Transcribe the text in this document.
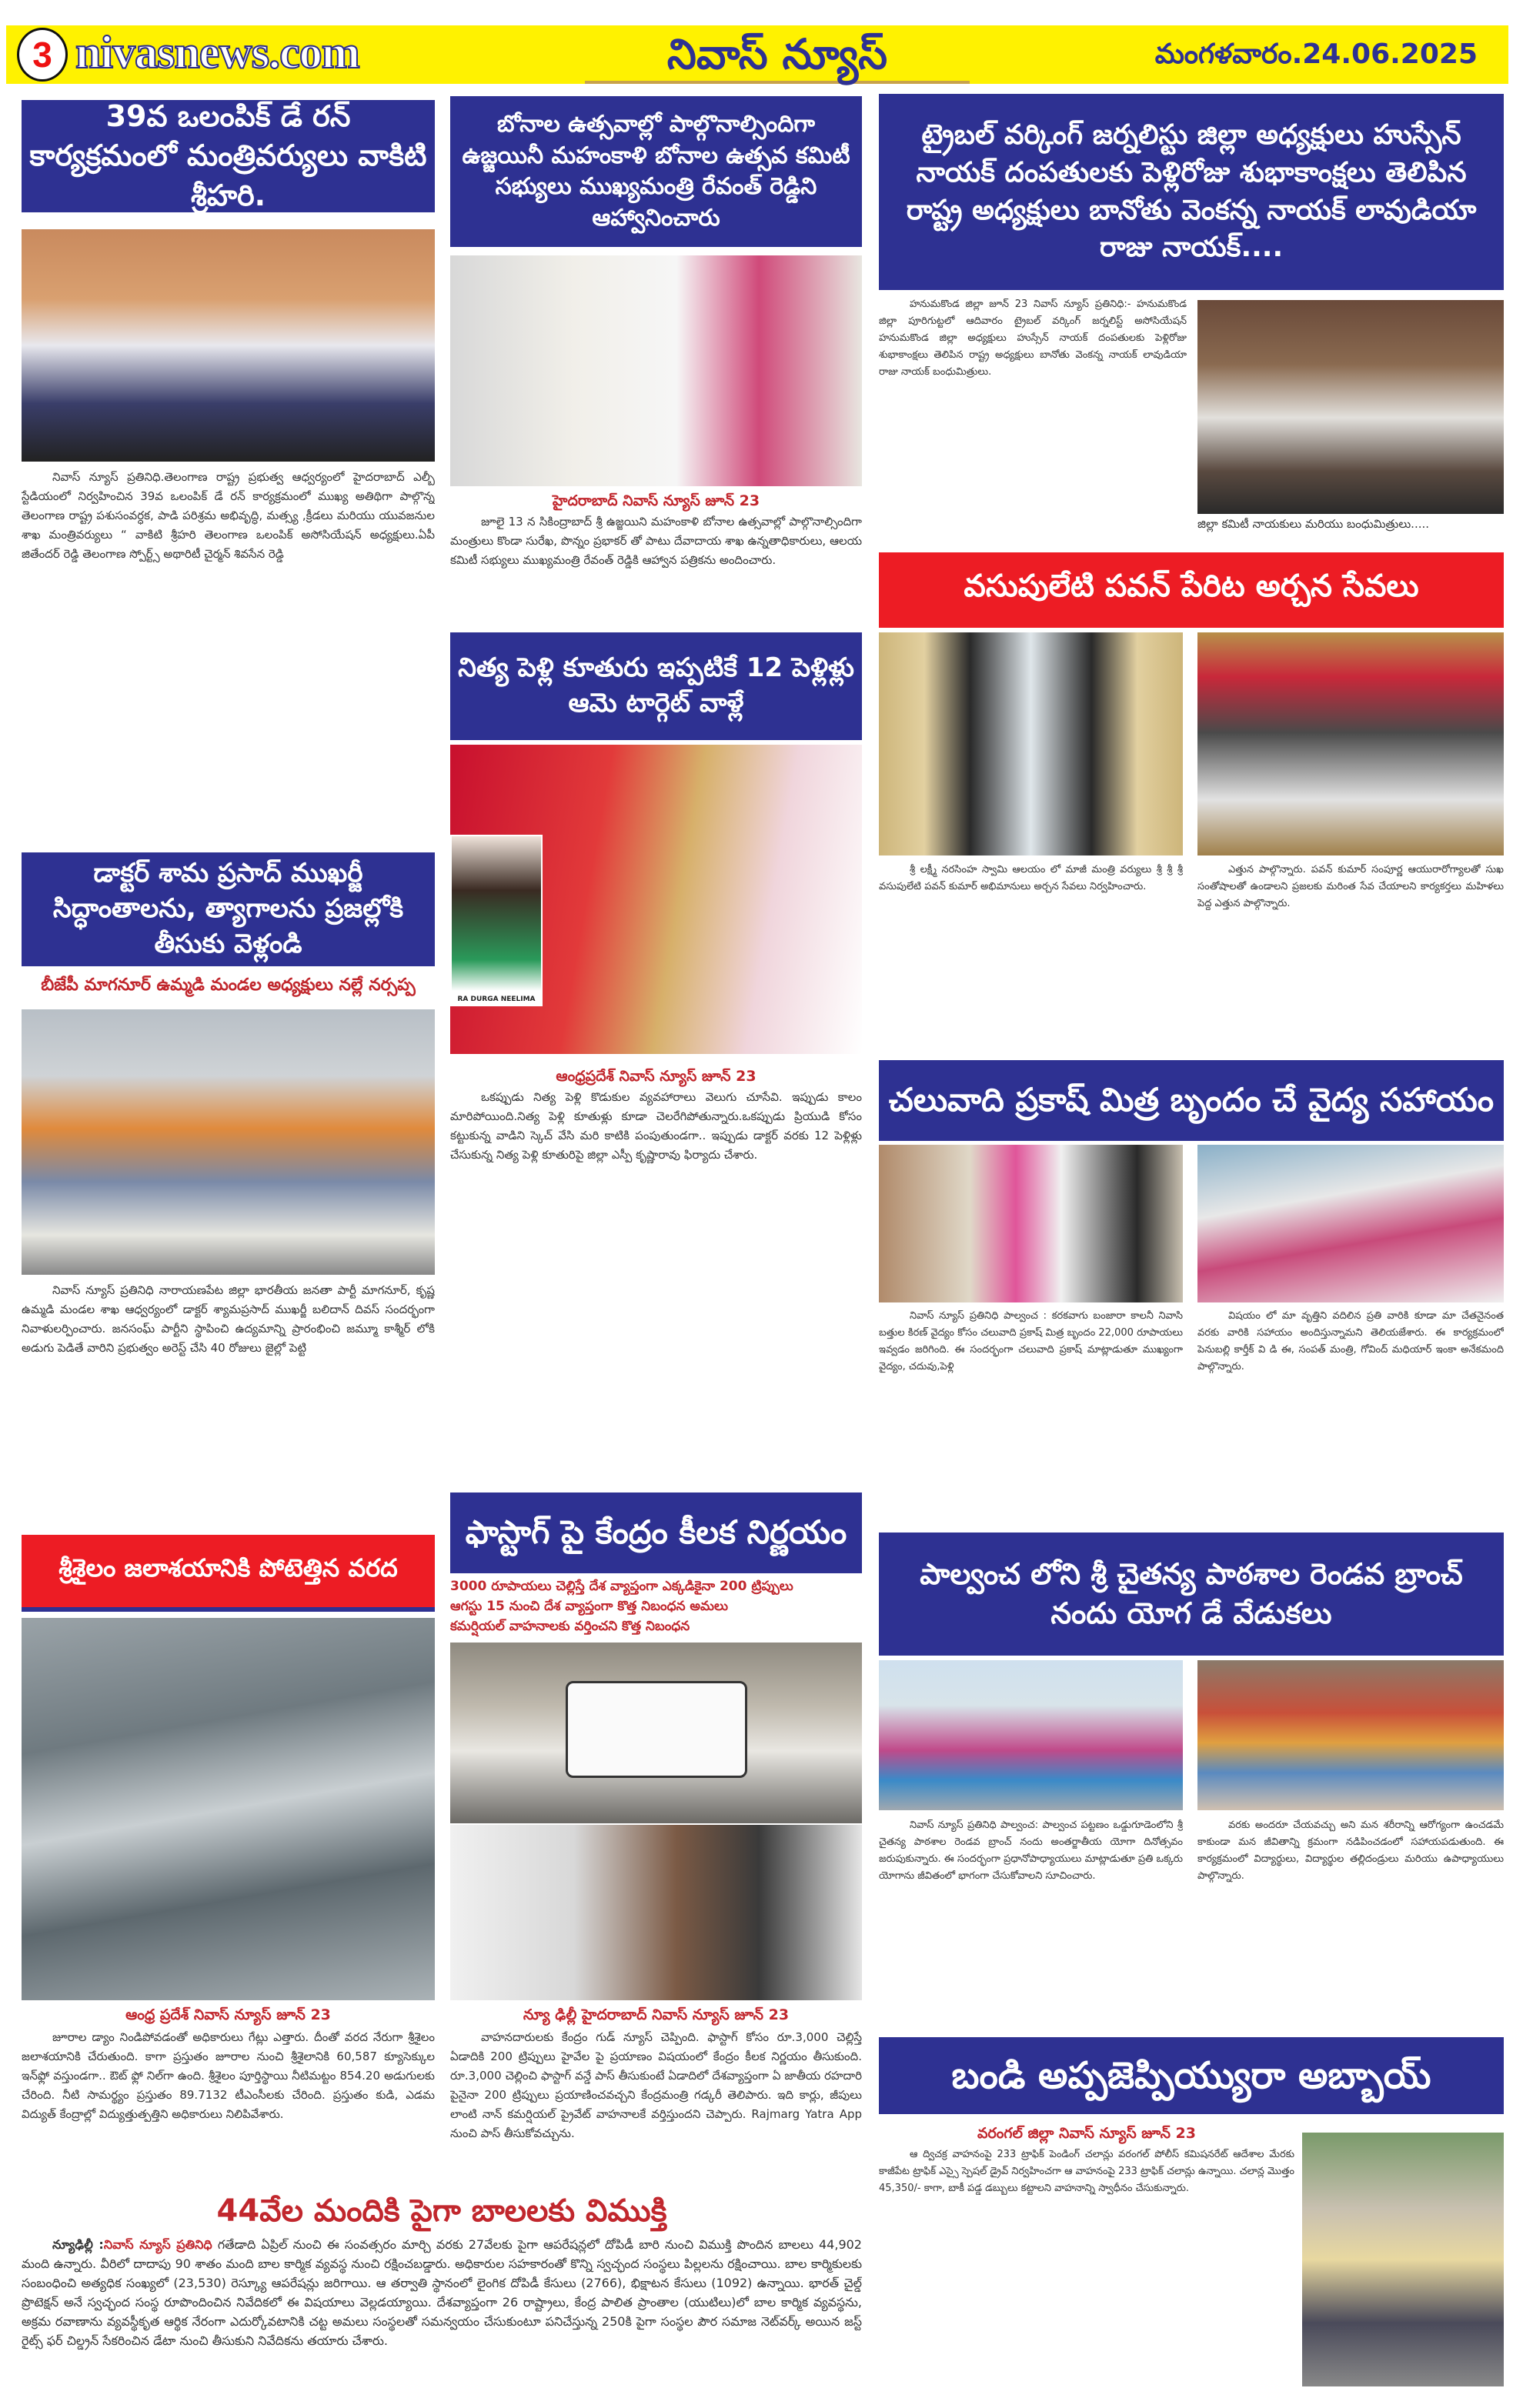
3 nivasnews.com	నివాస్ న్యూస్	మంగళవారం.24.06.2025
39వ ఒలంపిక్ డే రన్ కార్యక్రమంలో మంత్రివర్యులు వాకిటి శ్రీహరి.
నివాస్ న్యూస్ ప్రతినిధి.తెలంగాణ రాష్ట్ర ప్రభుత్వ ఆధ్వర్యంలో హైదరాబాద్ ఎల్బీ స్టేడియంలో నిర్వహించిన 39వ ఒలంపిక్ డే రన్ కార్యక్రమంలో ముఖ్య అతిథిగా పాల్గొన్న తెలంగాణ రాష్ట్ర పశుసంవర్ధక, పాడి పరిశ్రమ అభివృద్ధి, మత్స్య ,క్రీడలు మరియు యువజనుల శాఖ మంత్రివర్యులు “ వాకిటి శ్రీహరి తెలంగాణ ఒలంపిక్ అసోసియేషన్ అధ్యక్షులు.ఏపీ జితేందర్ రెడ్డి తెలంగాణ స్పోర్ట్స్ అథారిటీ చైర్మన్ శివసేన రెడ్డి
డాక్టర్ శామ ప్రసాద్ ముఖర్జీ సిద్ధాంతాలను, త్యాగాలను ప్రజల్లోకి తీసుకు వెళ్లండి
బీజేపీ మాగనూర్ ఉమ్మడి మండల అధ్యక్షులు నల్లే నర్సప్ప
నివాస్ న్యూస్ ప్రతినిధి నారాయణపేట జిల్లా భారతీయ జనతా పార్టీ మాగనూర్, కృష్ణ ఉమ్మడి మండల శాఖ ఆధ్వర్యంలో డాక్టర్ శ్యామప్రసాద్ ముఖర్జీ బలిదాన్ దివస్ సందర్భంగా నివాళులర్పించారు. జనసంఘ్ పార్టీని స్థాపించి ఉద్యమాన్ని ప్రారంభించి జమ్మూ కాశ్మీర్ లోకి అడుగు పెడితే వారిని ప్రభుత్వం అరెస్ట్ చేసి 40 రోజులు జైల్లో పెట్టి
శ్రీశైలం జలాశయానికి పోటెత్తిన వరద
ఆంధ్ర ప్రదేశ్ నివాస్ న్యూస్ జూన్ 23
జూరాల డ్యాం నిండిపోవడంతో అధికారులు గేట్లు ఎత్తారు. దీంతో వరద నేరుగా శ్రీశైలం జలాశయానికి చేరుతుంది. కాగా ప్రస్తుతం జూరాల నుంచి శ్రీశైలానికి 60,587 క్యూసెక్కుల ఇన్‌ఫ్లో వస్తుండగా.. ఔట్ ఫ్లో నిల్‌గా ఉంది. శ్రీశైలం పూర్తిస్థాయి నీటిమట్టం 854.20 అడుగులకు చేరింది. నీటి సామర్థ్యం ప్రస్తుతం 89.7132 టీఎంసీలకు చేరింది. ప్రస్తుతం కుడి, ఎడమ విద్యుత్ కేంద్రాల్లో విద్యుత్తుత్పత్తిని అధికారులు నిలిపివేశారు.
బోనాల ఉత్సవాల్లో పాల్గొనాల్సిందిగా ఉజ్జయినీ మహంకాళి బోనాల ఉత్సవ కమిటీ సభ్యులు ముఖ్యమంత్రి రేవంత్ రెడ్డిని ఆహ్వానించారు
హైదరాబాద్ నివాస్ న్యూస్ జూన్ 23
జూలై 13 న సికింద్రాబాద్ శ్రీ ఉజ్జయిని మహంకాళి బోనాల ఉత్సవాల్లో పాల్గొనాల్సిందిగా మంత్రులు కొండా సురేఖ, పొన్నం ప్రభాకర్ తో పాటు దేవాదాయ శాఖ ఉన్నతాధికారులు, ఆలయ కమిటీ సభ్యులు ముఖ్యమంత్రి రేవంత్ రెడ్డికి ఆహ్వాన పత్రికను అందించారు.
నిత్య పెళ్లి కూతురు ఇప్పటికే 12 పెళ్లిళ్లు ఆమె టార్గెట్ వాళ్లే
RA DURGA NEELIMA
ఆంధ్రప్రదేశ్ నివాస్ న్యూస్ జూన్ 23
ఒకప్పుడు నిత్య పెళ్లి కొడుకుల వ్యవహారాలు వెలుగు చూసేవి. ఇప్పుడు కాలం మారిపోయింది.నిత్య పెళ్లి కూతుళ్లు కూడా చెలరేగిపోతున్నారు.ఒకప్పుడు ప్రియుడి కోసం కట్టుకున్న వాడిని స్కెచ్ వేసి మరి కాటికి పంపుతుండగా.. ఇప్పుడు డాక్టర్ వరకు 12 పెళ్లిళ్లు చేసుకున్న నిత్య పెళ్లి కూతురిపై జిల్లా ఎస్పీ కృష్ణారావు ఫిర్యాదు చేశారు.
ఫాస్టాగ్ పై కేంద్రం కీలక నిర్ణయం
3000 రూపాయలు చెల్లిస్తే దేశ వ్యాప్తంగా ఎక్కడికైనా 200 ట్రిప్పులు
ఆగస్టు 15 నుంచి దేశ వ్యాప్తంగా కొత్త నిబంధన అమలు
కమర్షియల్ వాహనాలకు వర్తించని కొత్త నిబంధన
న్యూ ఢిల్లీ హైదరాబాద్ నివాస్ న్యూస్ జూన్ 23
వాహనదారులకు కేంద్రం గుడ్ న్యూస్ చెప్పింది. ఫాస్టాగ్ కోసం రూ.3,000 చెల్లిస్తే ఏడాదికి 200 ట్రిప్పులు హైవేల పై ప్రయాణం విషయంలో కేంద్రం కీలక నిర్ణయం తీసుకుంది. రూ.3,000 చెల్లించి ఫాస్టాగ్ వన్డే పాస్ తీసుకుంటే ఏడాదిలో దేశవ్యాప్తంగా ఏ జాతీయ రహదారి పైనైనా 200 ట్రిప్పులు ప్రయాణించవచ్చని కేంద్రమంత్రి గడ్కరీ తెలిపారు. ఇది కార్లు, జీపులు లాంటి నాన్ కమర్షియల్ ప్రైవేట్ వాహనాలకే వర్తిస్తుందని చెప్పారు. Rajmarg Yatra App నుంచి పాస్ తీసుకోవచ్చును.
ట్రైబల్ వర్కింగ్ జర్నలిస్టు జిల్లా అధ్యక్షులు హుస్సేన్ నాయక్ దంపతులకు పెళ్లిరోజు శుభాకాంక్షలు తెలిపిన రాష్ట్ర అధ్యక్షులు బానోతు వెంకన్న నాయక్ లావుడియా రాజు నాయక్....
హనుమకొండ జిల్లా జూన్ 23 నివాస్ న్యూస్ ప్రతినిధి:- హనుమకొండ జిల్లా పూరిగుట్టలో ఆదివారం ట్రైబల్ వర్కింగ్ జర్నలిస్ట్ అసోసియేషన్ హనుమకొండ జిల్లా అధ్యక్షులు హుస్సేన్ నాయక్ దంపతులకు పెళ్లిరోజు శుభాకాంక్షలు తెలిపిన రాష్ట్ర అధ్యక్షులు బానోతు వెంకన్న నాయక్ లావుడియా రాజు నాయక్ బంధుమిత్రులు.
జిల్లా కమిటీ నాయకులు మరియు బంధుమిత్రులు.....
వసుపులేటి పవన్ పేరిట అర్చన సేవలు
శ్రీ లక్ష్మీ నరసింహ స్వామి ఆలయం లో మాజీ మంత్రి వర్యులు శ్రీ శ్రీ శ్రీ వసుపులేటి పవన్ కుమార్ అభిమానులు అర్చన సేవలు నిర్వహించారు.
ఎత్తున పాల్గొన్నారు. పవన్ కుమార్ సంపూర్ణ ఆయురారోగ్యాలతో సుఖ సంతోషాలతో ఉండాలని ప్రజలకు మరింత సేవ చేయాలని కార్యకర్తలు మహిళలు పెద్ద ఎత్తున పాల్గొన్నారు.
చలువాది ప్రకాష్ మిత్ర బృందం చే వైద్య సహాయం
నివాస్ న్యూస్ ప్రతినిధి పాల్వంచ : కరకవాగు బంజారా కాలనీ నివాసి బత్తుల కిరణ్ వైద్యం కోసం చలువాది ప్రకాష్ మిత్ర బృందం 22,000 రూపాయలు ఇవ్వడం జరిగింది. ఈ సందర్భంగా చలువాది ప్రకాష్ మాట్లాడుతూ ముఖ్యంగా వైద్యం, చదువు,పెళ్లి
విషయం లో మా వృత్తిని వదిలిన ప్రతి వారికి కూడా మా చేతనైనంత వరకు వారికి సహాయం అందిస్తున్నామని తెలియజేశారు. ఈ కార్యక్రమంలో పెనుబల్లి కార్తీక్ వి డి ఈ, సంపత్ మంత్రి, గోవింద్ మధియార్ ఇంకా అనేకమంది పాల్గొన్నారు.
పాల్వంచ లోని శ్రీ చైతన్య పాఠశాల రెండవ బ్రాంచ్ నందు యోగ డే వేడుకలు
నివాస్ న్యూస్ ప్రతినిధి పాల్వంచ: పాల్వంచ పట్టణం ఒడ్డుగూడెంలోని శ్రీ చైతన్య పాఠశాల రెండవ బ్రాంచ్ నందు అంతర్జాతీయ యోగా దినోత్సవం జరుపుకున్నారు. ఈ సందర్భంగా ప్రధానోపాధ్యాయులు మాట్లాడుతూ ప్రతి ఒక్కరు యోగాను జీవితంలో భాగంగా చేసుకోవాలని సూచించారు.
వరకు అందరూ చేయవచ్చు అని మన శరీరాన్ని ఆరోగ్యంగా ఉంచడమే కాకుండా మన జీవితాన్ని క్రమంగా నడిపించడంలో సహాయపడుతుంది. ఈ కార్యక్రమంలో విద్యార్థులు, విద్యార్థుల తల్లిదండ్రులు మరియు ఉపాధ్యాయులు పాల్గొన్నారు.
బండి అప్పజెప్పియ్యురా అబ్బాయ్
వరంగల్ జిల్లా నివాస్ న్యూస్ జూన్ 23
ఆ ద్విచక్ర వాహనంపై 233 ట్రాఫిక్ పెండింగ్ చలాన్లు వరంగల్ పోలీస్ కమిషనరేట్ ఆదేశాల మేరకు కాజీపేట ట్రాఫిక్ ఎస్సై స్పెషల్ డ్రైవ్ నిర్వహించగా ఆ వాహనంపై 233 ట్రాఫిక్ చలాన్లు ఉన్నాయి. చలాన్ల మొత్తం 45,350/- కాగా, బాకీ పడ్డ డబ్బులు కట్టాలని వాహనాన్ని స్వాధీనం చేసుకున్నారు.
44వేల మందికి పైగా బాలలకు విముక్తి
న్యూఢిల్లీ :నివాస్ న్యూస్ ప్రతినిధి గతేడాది ఏప్రిల్ నుంచి ఈ సంవత్సరం మార్చి వరకు 27వేలకు పైగా ఆపరేషన్లలో దోపిడీ బారి నుంచి విముక్తి పొందిన బాలలు 44,902 మంది ఉన్నారు. వీరిలో దాదాపు 90 శాతం మంది బాల కార్మిక వ్యవస్థ నుంచి రక్షించబడ్డారు. అధికారుల సహకారంతో కొన్ని స్వచ్ఛంద సంస్థలు పిల్లలను రక్షించాయి. బాల కార్మికులకు సంబంధించి అత్యధిక సంఖ్యలో (23,530) రెస్క్యూ ఆపరేషన్లు జరిగాయి. ఆ తర్వాతి స్థానంలో లైంగిక దోపిడీ కేసులు (2766), భిక్షాటన కేసులు (1092) ఉన్నాయి. భారత్ చైల్డ్ ప్రొటెక్షన్ అనే స్వచ్ఛంద సంస్థ రూపొందించిన నివేదికలో ఈ విషయాలు వెల్లడయ్యాయి. దేశవ్యాప్తంగా 26 రాష్ట్రాలు, కేంద్ర పాలిత ప్రాంతాల (యుటిలు)లో బాల కార్మిక వ్యవస్థను, అక్రమ రవాణాను వ్యవస్థీకృత ఆర్థిక నేరంగా ఎదుర్కోవటానికి చట్ట అమలు సంస్థలతో సమన్వయం చేసుకుంటూ పనిచేస్తున్న 250కి పైగా సంస్థల పౌర సమాజ నెట్‌వర్క్ అయిన జస్ట్ రైట్స్ ఫర్ చిల్డ్రన్ సేకరించిన డేటా నుంచి తీసుకుని నివేదికను తయారు చేశారు.
